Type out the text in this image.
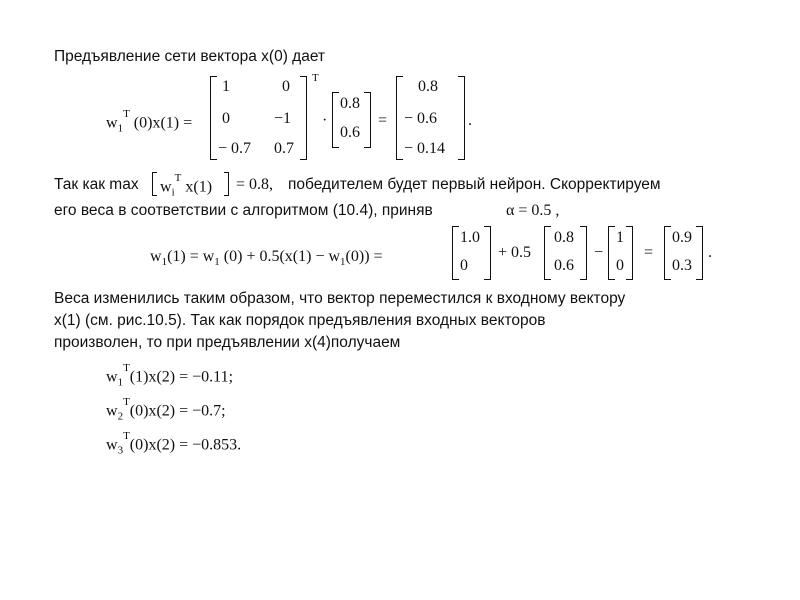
Предъявление сети вектора x(0) дает
$w_1^T$ (0)x(1) =
1	0
0	−1
− 0.7 0.7
T
·
0.8
0.6
=
0.8
− 0.6
− 0.14
.
Так как $\max w_i^T$ x(1) = 0.8, победителем будет первый нейрон. Скорректируем
его веса в соответствии с алгоритмом (10.4), приняв	α = 0.5 ,
$w_1(1) = w_1$ $(0) + 0.5(x(1) - w_1(0))$ =
1.0
0
+ 0.5
0.8
0.6
−
1
0
=
0.9
0.3
.
Веса изменились таким образом, что вектор переместился к входному вектору
x(1) (см. рис.10.5). Так как порядок предъявления входных векторов
произволен, то при предъявлении x(4)получаем
$w_1^T(1)x(2) = -0.11$;
$w_2^T(0)x(2) = -0.7$;
$w_3^T(0)x(2) = -0.853$.
